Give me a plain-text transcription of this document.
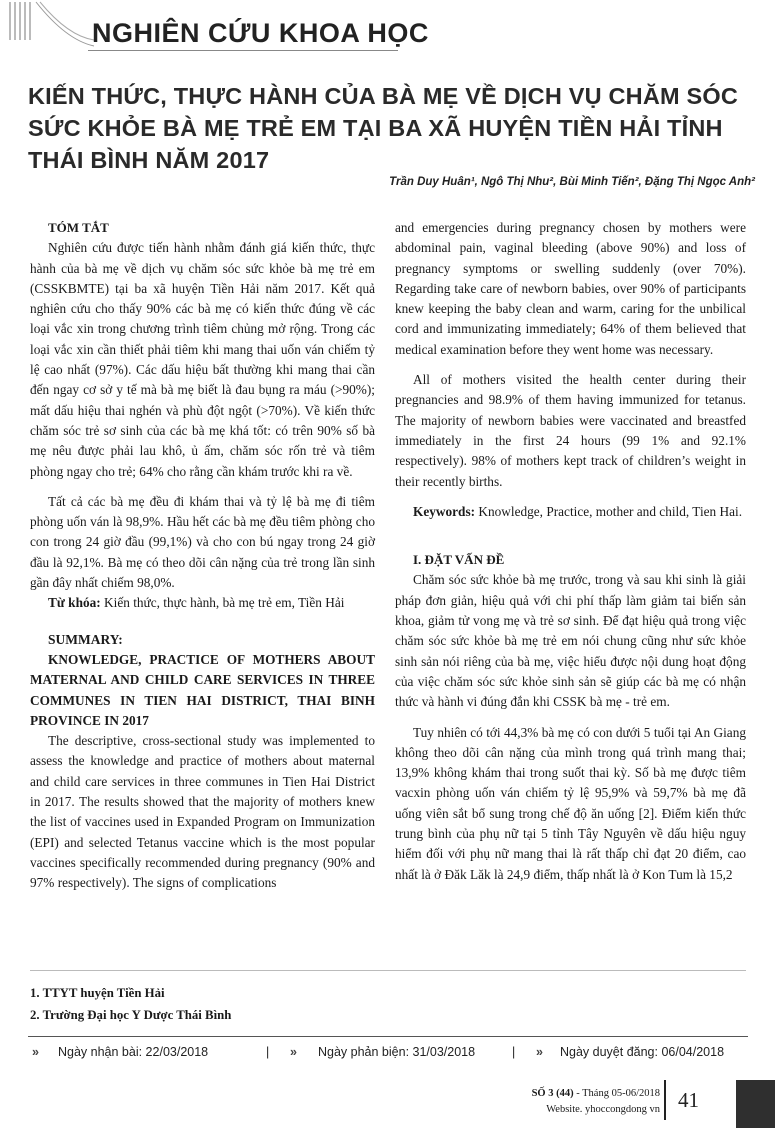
NGHIÊN CỨU KHOA HỌC
KIẾN THỨC, THỰC HÀNH CỦA BÀ MẸ VỀ DỊCH VỤ CHĂM SÓC SỨC KHỎE BÀ MẸ TRẺ EM TẠI BA XÃ HUYỆN TIỀN HẢI TỈNH THÁI BÌNH NĂM 2017
Trần Duy Huân¹, Ngô Thị Nhu², Bùi Minh Tiến², Đặng Thị Ngọc Anh²

TÓM TẮT

Nghiên cứu được tiến hành nhằm đánh giá kiến thức, thực hành của bà mẹ về dịch vụ chăm sóc sức khỏe bà mẹ trẻ em (CSSKBMTE) tại ba xã huyện Tiền Hải năm 2017. Kết quả nghiên cứu cho thấy 90% các bà mẹ có kiến thức đúng về các loại vắc xin trong chương trình tiêm chủng mở rộng. Trong các loại vắc xin cần thiết phải tiêm khi mang thai uốn ván chiếm tỷ lệ cao nhất (97%). Các dấu hiệu bất thường khi mang thai cần đến ngay cơ sở y tế mà bà mẹ biết là đau bụng ra máu (>90%); mất dấu hiệu thai nghén và phù đột ngột (>70%). Về kiến thức chăm sóc trẻ sơ sinh của các bà mẹ khá tốt: có trên 90% số bà mẹ nêu được phải lau khô, ủ ấm, chăm sóc rốn trẻ và tiêm phòng ngay cho trẻ; 64% cho rằng cần khám trước khi ra về.

Tất cả các bà mẹ đều đi khám thai và tỷ lệ bà mẹ đi tiêm phòng uốn ván là 98,9%. Hầu hết các bà mẹ đều tiêm phòng cho con trong 24 giờ đầu (99,1%) và cho con bú ngay trong 24 giờ đầu là 92,1%. Bà mẹ có theo dõi cân nặng của trẻ trong lần sinh gần đây nhất chiếm 98,0%.

Từ khóa: Kiến thức, thực hành, bà mẹ trẻ em, Tiền Hải

SUMMARY:

KNOWLEDGE, PRACTICE OF MOTHERS ABOUT MATERNAL AND CHILD CARE SERVICES IN THREE COMMUNES IN TIEN HAI DISTRICT, THAI BINH PROVINCE IN 2017

The descriptive, cross-sectional study was implemented to assess the knowledge and practice of mothers about maternal and child care services in three communes in Tien Hai District in 2017. The results showed that the majority of mothers knew the list of vaccines used in Expanded Program on Immunization (EPI) and selected Tetanus vaccine which is the most popular vaccines specifically recommended during pregnancy (90% and 97% respectively). The signs of complications

and emergencies during pregnancy chosen by mothers were abdominal pain, vaginal bleeding (above 90%) and loss of pregnancy symptoms or swelling suddenly (over 70%). Regarding take care of newborn babies, over 90% of participants knew keeping the baby clean and warm, caring for the unbilical cord and immunizating immediately; 64% of them believed that medical examination before they went home was necessary.

All of mothers visited the health center during their pregnancies and 98.9% of them having immunized for tetanus. The majority of newborn babies were vaccinated and breastfed immediately in the first 24 hours (99 1% and 92.1% respectively). 98% of mothers kept track of children’s weight in their recently births.

Keywords: Knowledge, Practice, mother and child, Tien Hai.

I. ĐẶT VẤN ĐỀ

Chăm sóc sức khỏe bà mẹ trước, trong và sau khi sinh là giải pháp đơn giản, hiệu quả với chi phí thấp làm giảm tai biến sản khoa, giảm tử vong mẹ và trẻ sơ sinh. Để đạt hiệu quả trong việc chăm sóc sức khỏe bà mẹ trẻ em nói chung cũng như sức khỏe sinh sản nói riêng của bà mẹ, việc hiểu được nội dung hoạt động của việc chăm sóc sức khỏe sinh sản sẽ giúp các bà mẹ có nhận thức và hành vi đúng đắn khi CSSK bà mẹ - trẻ em.

Tuy nhiên có tới 44,3% bà mẹ có con dưới 5 tuổi tại An Giang không theo dõi cân nặng của mình trong quá trình mang thai; 13,9% không khám thai trong suốt thai kỳ. Số bà mẹ được tiêm vacxin phòng uốn ván chiếm tỷ lệ 95,9% và 59,7% bà mẹ đã uống viên sắt bổ sung trong chế độ ăn uống [2]. Điểm kiến thức trung bình của phụ nữ tại 5 tỉnh Tây Nguyên về dấu hiệu nguy hiểm đối với phụ nữ mang thai là rất thấp chỉ đạt 20 điểm, cao nhất là ở Đăk Lăk là 24,9 điểm, thấp nhất là ở Kon Tum là 15,2

1. TTYT huyện Tiền Hải
2. Trường Đại học Y Dược Thái Bình
» Ngày nhận bài: 22/03/2018	| » Ngày phản biện: 31/03/2018	| » Ngày duyệt đăng: 06/04/2018
SỐ 3 (44) - Tháng 05-06/2018
Website. yhoccongdong vn 41
